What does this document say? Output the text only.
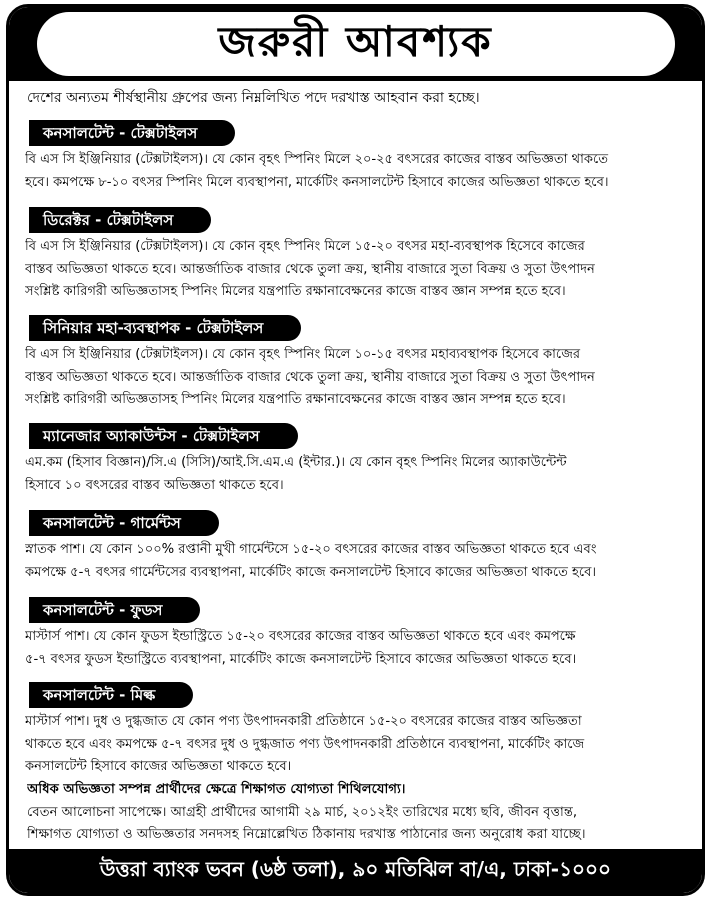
জরুরী আবশ্যক
দেশের অন্যতম শীর্ষস্থানীয় গ্রুপের জন্য নিম্নলিখিত পদে দরখাস্ত আহবান করা হচ্ছে।
কনসালটেন্ট - টেক্সটাইলস
বি এস সি ইঞ্জিনিয়ার (টেক্সটাইলস)। যে কোন বৃহৎ স্পিনিং মিলে ২০-২৫ বৎসরের কাজের বাস্তব অভিজ্ঞতা থাকতে
হবে। কমপক্ষে ৮-১০ বৎসর স্পিনিং মিলে ব্যবস্থাপনা, মার্কেটিং কনসালটেন্ট হিসাবে কাজের অভিজ্ঞতা থাকতে হবে।
ডিরেক্টর - টেক্সটাইলস
বি এস সি ইঞ্জিনিয়ার (টেক্সটাইলস)। যে কোন বৃহৎ স্পিনিং মিলে ১৫-২০ বৎসর মহা-ব্যবস্থাপক হিসেবে কাজের
বাস্তব অভিজ্ঞতা থাকতে হবে। আন্তর্জাতিক বাজার থেকে তুলা ক্রয়, স্থানীয় বাজারে সুতা বিক্রয় ও সুতা উৎপাদন
সংশ্লিষ্ট কারিগরী অভিজ্ঞতাসহ স্পিনিং মিলের যন্ত্রপাতি রক্ষানাবেক্ষনের কাজে বাস্তব জ্ঞান সম্পন্ন হতে হবে।
সিনিয়ার মহা-ব্যবস্থাপক - টেক্সটাইলস
বি এস সি ইঞ্জিনিয়ার (টেক্সটাইলস)। যে কোন বৃহৎ স্পিনিং মিলে ১০-১৫ বৎসর মহাব্যবস্থাপক হিসেবে কাজের
বাস্তব অভিজ্ঞতা থাকতে হবে। আন্তর্জাতিক বাজার থেকে তুলা ক্রয়, স্থানীয় বাজারে সুতা বিক্রয় ও সুতা উৎপাদন
সংশ্লিষ্ট কারিগরী অভিজ্ঞতাসহ স্পিনিং মিলের যন্ত্রপাতি রক্ষানাবেক্ষনের কাজে বাস্তব জ্ঞান সম্পন্ন হতে হবে।
ম্যানেজার অ্যাকাউন্টস - টেক্সটাইলস
এম.কম (হিসাব বিজ্ঞান)/সি.এ (সিসি)/আই.সি.এম.এ (ইন্টার.)। যে কোন বৃহৎ স্পিনিং মিলের অ্যাকাউন্টেন্ট
হিসাবে ১০ বৎসরের বাস্তব অভিজ্ঞতা থাকতে হবে।
কনসালটেন্ট - গার্মেন্টস
স্নাতক পাশ। যে কোন ১০০% রপ্তানী মুখী গার্মেন্টসে ১৫-২০ বৎসরের কাজের বাস্তব অভিজ্ঞতা থাকতে হবে এবং
কমপক্ষে ৫-৭ বৎসর গার্মেন্টসের ব্যবস্থাপনা, মার্কেটিং কাজে কনসালটেন্ট হিসাবে কাজের অভিজ্ঞতা থাকতে হবে।
কনসালটেন্ট - ফুডস
মাস্টার্স পাশ। যে কোন ফুডস ইন্ডাস্ট্রিতে ১৫-২০ বৎসরের কাজের বাস্তব অভিজ্ঞতা থাকতে হবে এবং কমপক্ষে
৫-৭ বৎসর ফুডস ইন্ডাস্ট্রিতে ব্যবস্থাপনা, মার্কেটিং কাজে কনসালটেন্ট হিসাবে কাজের অভিজ্ঞতা থাকতে হবে।
কনসালটেন্ট - মিল্ক
মাস্টার্স পাশ। দুধ ও দুগ্ধজাত যে কোন পণ্য উৎপাদনকারী প্রতিষ্ঠানে ১৫-২০ বৎসরের কাজের বাস্তব অভিজ্ঞতা
থাকতে হবে এবং কমপক্ষে ৫-৭ বৎসর দুধ ও দুগ্ধজাত পণ্য উৎপাদনকারী প্রতিষ্ঠানে ব্যবস্থাপনা, মার্কেটিং কাজে
কনসালটেন্ট হিসাবে কাজের অভিজ্ঞতা থাকতে হবে।
অধিক অভিজ্ঞতা সম্পন্ন প্রার্থীদের ক্ষেত্রে শিক্ষাগত যোগ্যতা শিথিলযোগ্য।
বেতন আলোচনা সাপেক্ষে। আগ্রহী প্রার্থীদের আগামী ২৯ মার্চ, ২০১২ইং তারিখের মধ্যে ছবি, জীবন বৃত্তান্ত,
শিক্ষাগত যোগ্যতা ও অভিজ্ঞতার সনদসহ নিম্নোল্লেখিত ঠিকানায় দরখাস্ত পাঠানোর জন্য অনুরোধ করা যাচ্ছে।
উত্তরা ব্যাংক ভবন (৬ষ্ঠ তলা), ৯০ মতিঝিল বা/এ, ঢাকা-১০০০
